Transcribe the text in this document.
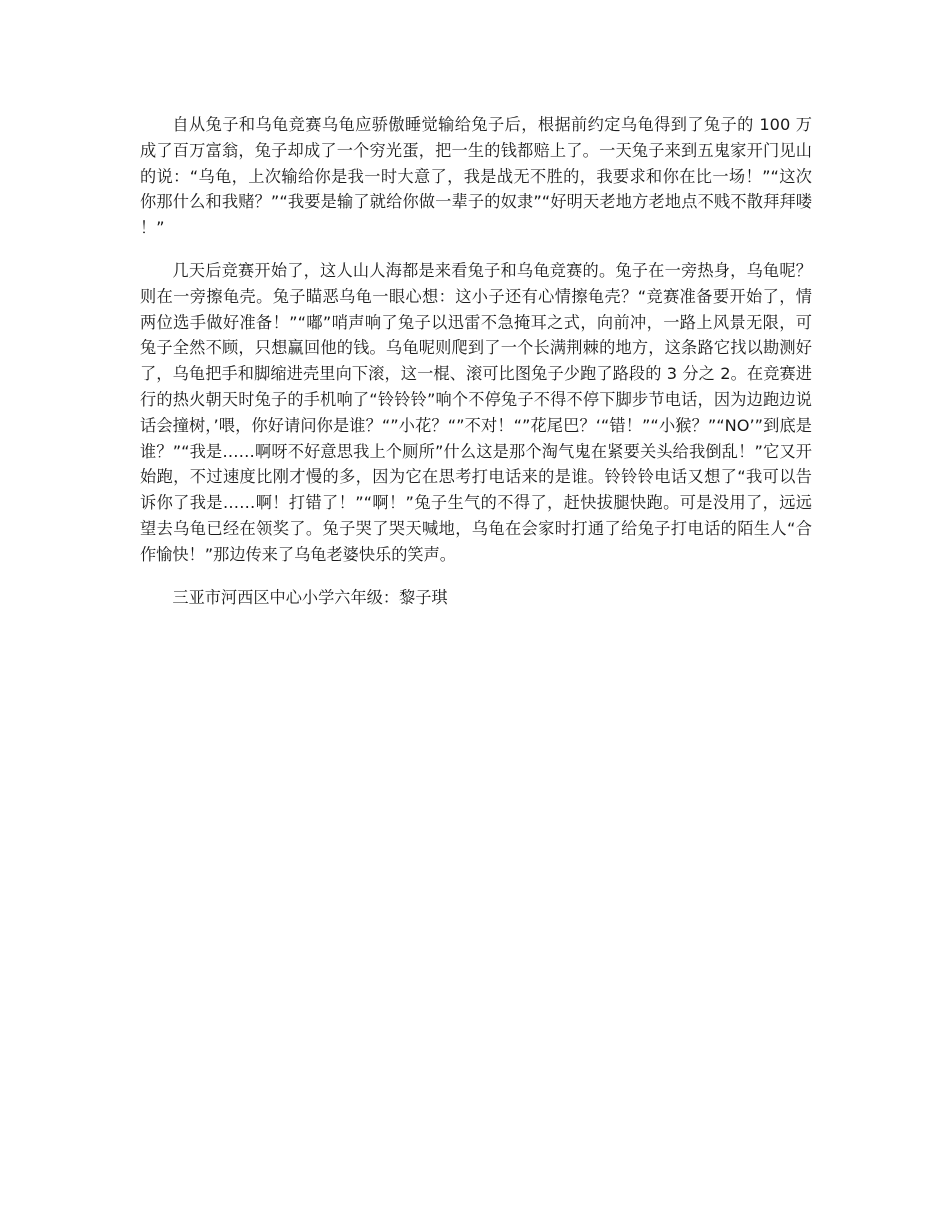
自从兔子和乌龟竞赛乌龟应骄傲睡觉输给兔子后，根据前约定乌龟得到了兔子的 100 万成了百万富翁，兔子却成了一个穷光蛋，把一生的钱都赔上了。一天兔子来到五鬼家开门见山的说：“乌龟，上次输给你是我一时大意了，我是战无不胜的，我要求和你在比一场！”“这次你那什么和我赌？”“我要是输了就给你做一辈子的奴隶”“好明天老地方老地点不贱不散拜拜喽！”

几天后竞赛开始了，这人山人海都是来看兔子和乌龟竞赛的。兔子在一旁热身，乌龟呢？则在一旁擦龟壳。兔子瞄恶乌龟一眼心想：这小子还有心情擦龟壳？“竞赛准备要开始了，情两位选手做好准备！”“嘟”哨声响了兔子以迅雷不急掩耳之式，向前冲，一路上风景无限，可兔子全然不顾，只想赢回他的钱。乌龟呢则爬到了一个长满荆棘的地方，这条路它找以勘测好了，乌龟把手和脚缩进壳里向下滚，这一棍、滚可比图兔子少跑了路段的 3 分之 2。在竞赛进行的热火朝天时兔子的手机响了“铃铃铃”响个不停兔子不得不停下脚步节电话，因为边跑边说话会撞树，’喂，你好请问你是谁？“”小花？“”不对！“”花尾巴？‘“错！”“小猴？”“NO’”到底是谁？”“我是……啊呀不好意思我上个厕所”什么这是那个淘气鬼在紧要关头给我倒乱！”它又开始跑，不过速度比刚才慢的多，因为它在思考打电话来的是谁。铃铃铃电话又想了“我可以告诉你了我是……啊！打错了！”“啊！”兔子生气的不得了，赶快拔腿快跑。可是没用了，远远望去乌龟已经在领奖了。兔子哭了哭天喊地，乌龟在会家时打通了给兔子打电话的陌生人“合作愉快！”那边传来了乌龟老婆快乐的笑声。

三亚市河西区中心小学六年级：黎子琪
